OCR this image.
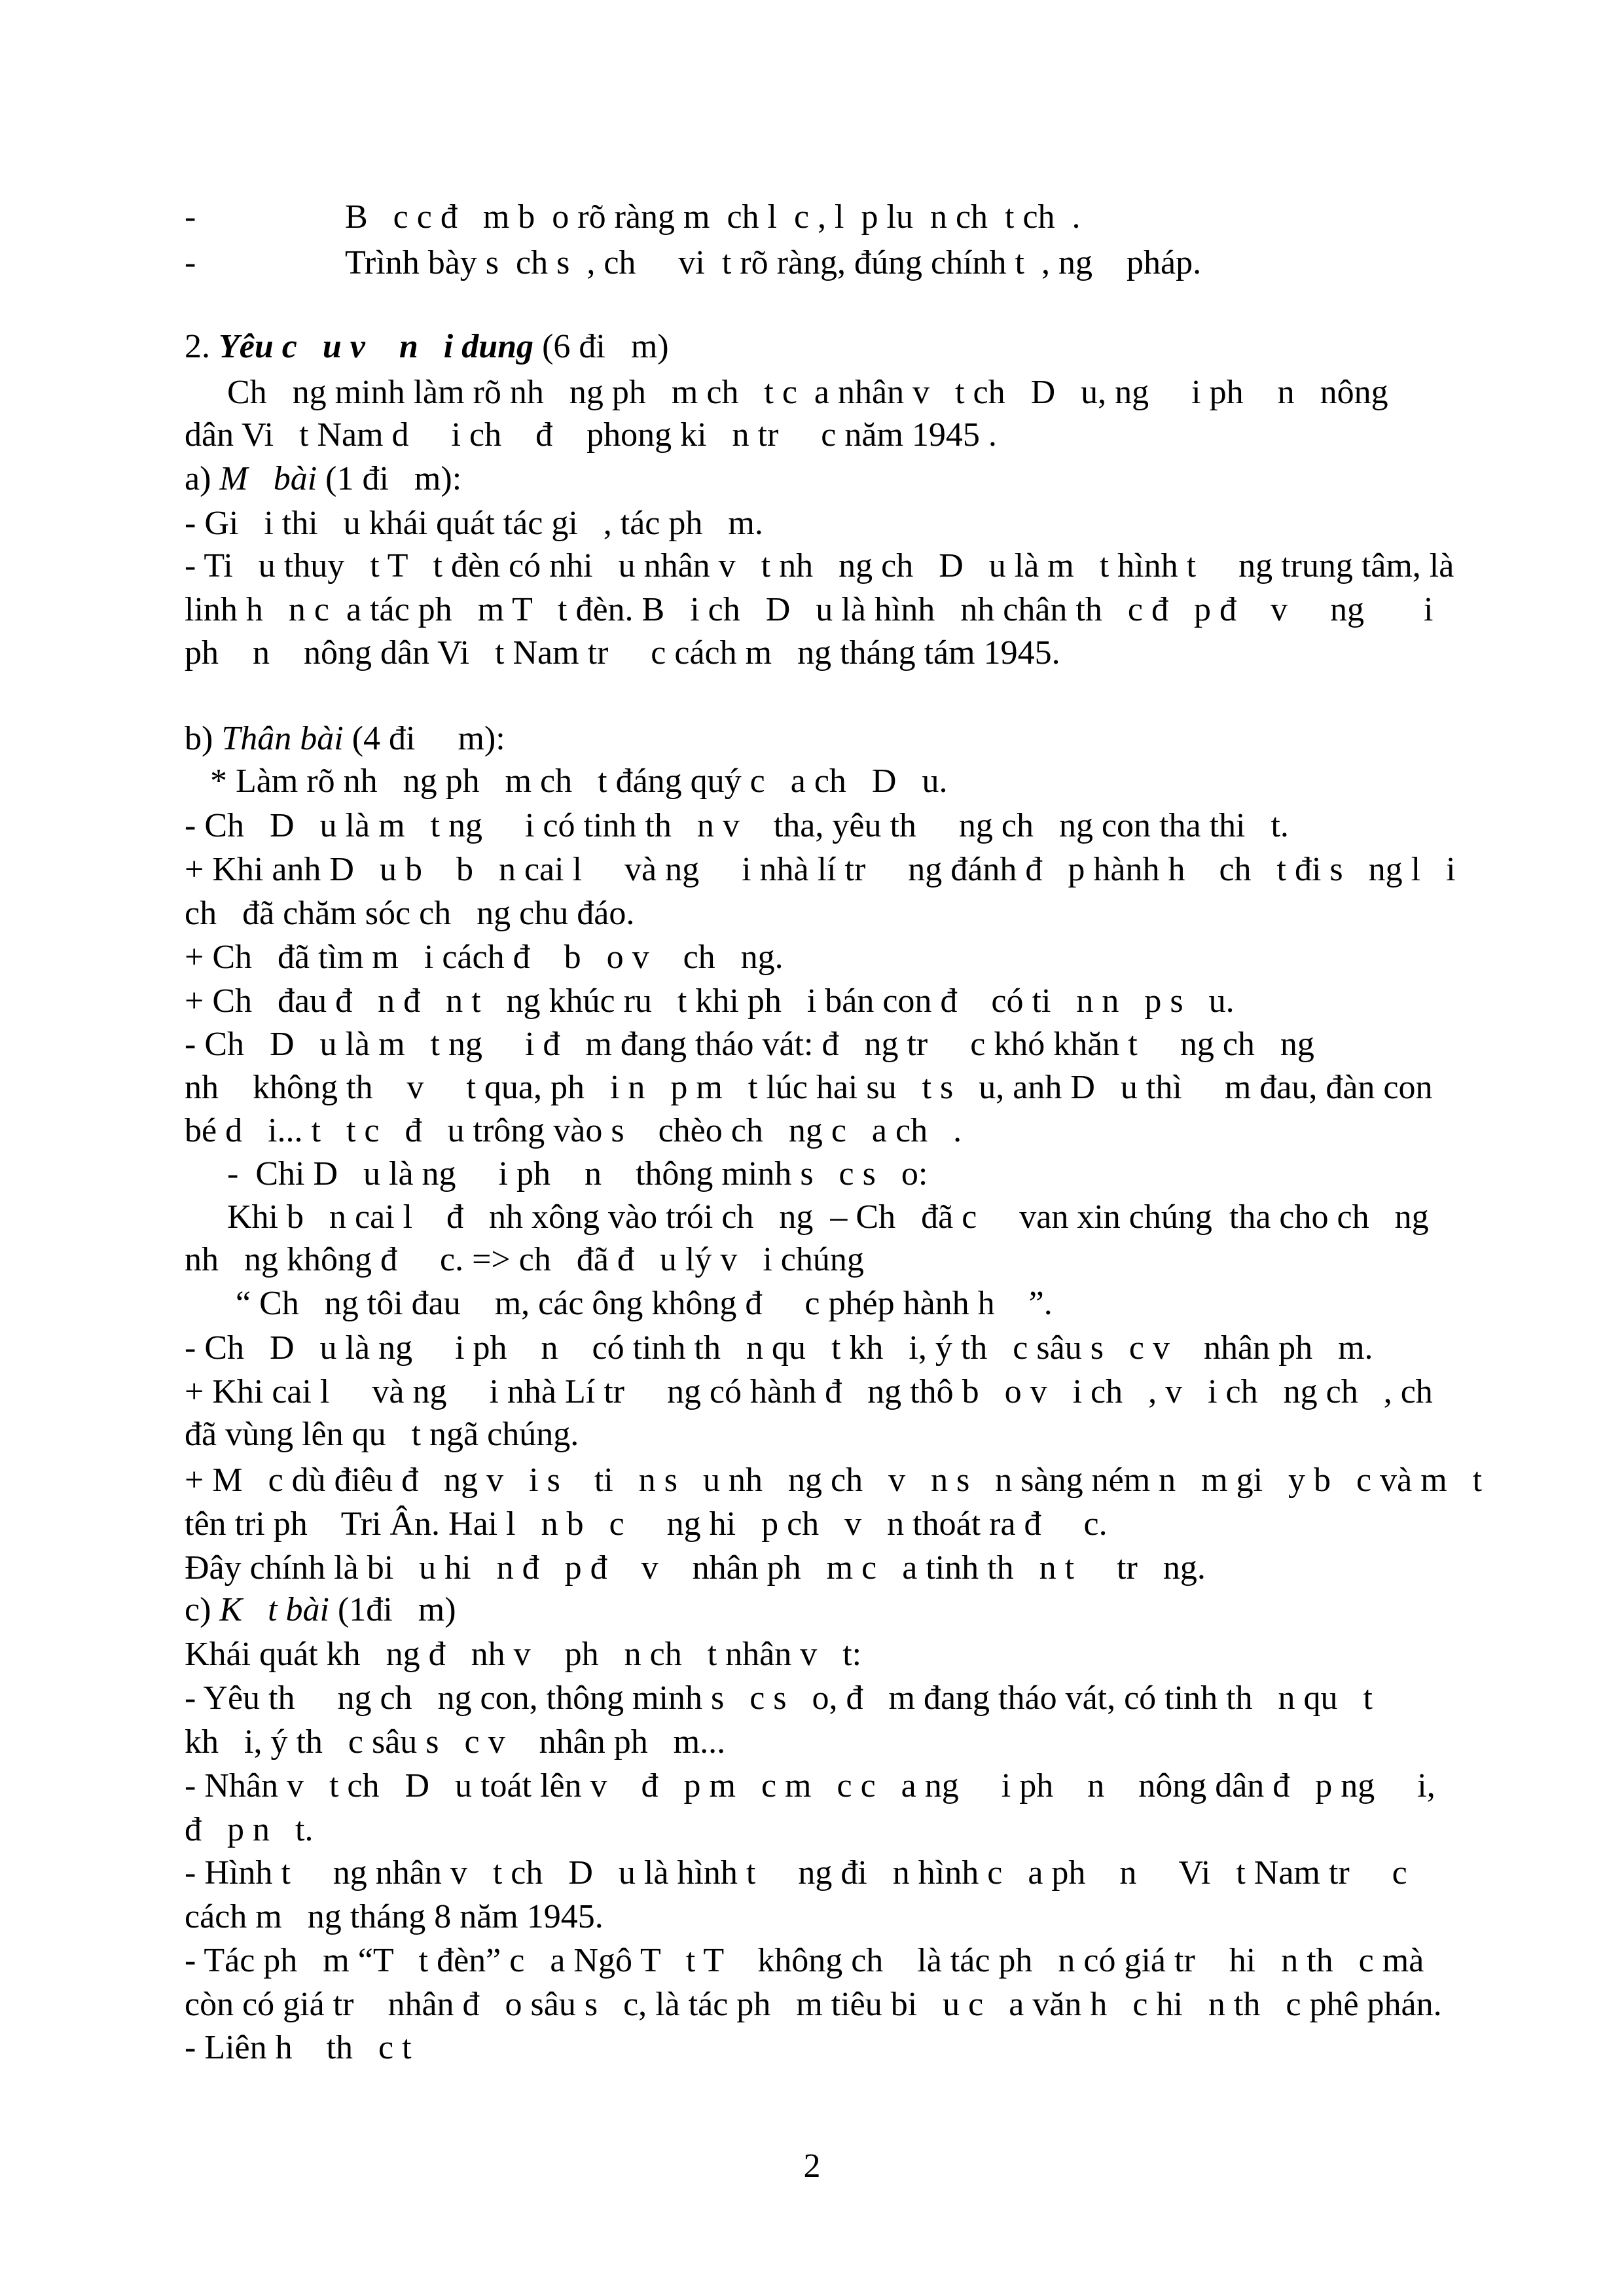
-

	B   c c đ   m b  o rõ ràng m  ch l  c , l  p lu  n ch  t ch  .

-

	Trình bày s  ch s  , ch     vi  t rõ ràng, đúng chính t  , ng    pháp.

2. Yêu c   u v    n   i dung (6 đi   m)
Ch   ng minh làm rõ nh   ng ph   m ch   t c  a nhân v   t ch   D   u, ng     i ph    n   nông
dân Vi   t Nam d     i ch    đ    phong ki   n tr     c năm 1945 .
a) M   bài (1 đi   m):
- Gi   i thi   u khái quát tác gi   , tác ph   m.
- Ti   u thuy   t T   t đèn có nhi   u nhân v   t nh   ng ch   D   u là m   t hình t     ng trung tâm, là
linh h   n c  a tác ph   m T   t đèn. B   i ch   D   u là hình   nh chân th   c đ   p đ    v     ng       i
ph    n    nông dân Vi   t Nam tr     c cách m   ng tháng tám 1945.
b) Thân bài (4 đi     m):
* Làm rõ nh   ng ph   m ch   t đáng quý c   a ch   D   u.
- Ch   D   u là m   t ng     i có tinh th   n v    tha, yêu th     ng ch   ng con tha thi   t.
+ Khi anh D   u b    b   n cai l     và ng     i nhà lí tr     ng đánh đ   p hành h    ch   t đi s   ng l   i
ch   đã chăm sóc ch   ng chu đáo.
+ Ch   đã tìm m   i cách đ    b   o v    ch   ng.
+ Ch   đau đ   n đ   n t   ng khúc ru   t khi ph   i bán con đ    có ti   n n   p s   u.
- Ch   D   u là m   t ng     i đ   m đang tháo vát: đ   ng tr     c khó khăn t     ng ch   ng
nh    không th    v     t qua, ph   i n   p m   t lúc hai su   t s   u, anh D   u thì     m đau, đàn con
bé d   i... t   t c   đ   u trông vào s    chèo ch   ng c   a ch   .
-  Chi D   u là ng     i ph    n    thông minh s   c s   o:
Khi b   n cai l    đ   nh xông vào trói ch   ng  – Ch   đã c     van xin chúng  tha cho ch   ng
nh   ng không đ     c. => ch   đã đ   u lý v   i chúng
“ Ch   ng tôi đau    m, các ông không đ     c phép hành h    ”.
- Ch   D   u là ng     i ph    n    có tinh th   n qu   t kh   i, ý th   c sâu s   c v    nhân ph   m.
+ Khi cai l     và ng     i nhà Lí tr     ng có hành đ   ng thô b   o v   i ch   , v   i ch   ng ch   , ch
đã vùng lên qu   t ngã chúng.
+ M   c dù điêu đ   ng v   i s    ti   n s   u nh   ng ch   v   n s   n sàng ném n   m gi   y b   c và m   t
tên tri ph    Tri Ân. Hai l   n b   c     ng hi   p ch   v   n thoát ra đ     c.
Đây chính là bi   u hi   n đ   p đ    v    nhân ph   m c   a tinh th   n t     tr   ng.
c) K   t bài (1đi   m)
Khái quát kh   ng đ   nh v    ph   n ch   t nhân v   t:
- Yêu th     ng ch   ng con, thông minh s   c s   o, đ   m đang tháo vát, có tinh th   n qu   t
kh   i, ý th   c sâu s   c v    nhân ph   m...
- Nhân v   t ch   D   u toát lên v    đ   p m   c m   c c   a ng     i ph    n    nông dân đ   p ng     i,
đ   p n   t.
- Hình t     ng nhân v   t ch   D   u là hình t     ng đi   n hình c   a ph    n     Vi   t Nam tr     c
cách m   ng tháng 8 năm 1945.
- Tác ph   m “T   t đèn” c   a Ngô T   t T    không ch    là tác ph   n có giá tr    hi   n th   c mà
còn có giá tr    nhân đ   o sâu s   c, là tác ph   m tiêu bi   u c   a văn h   c hi   n th   c phê phán.
- Liên h    th   c t
2
